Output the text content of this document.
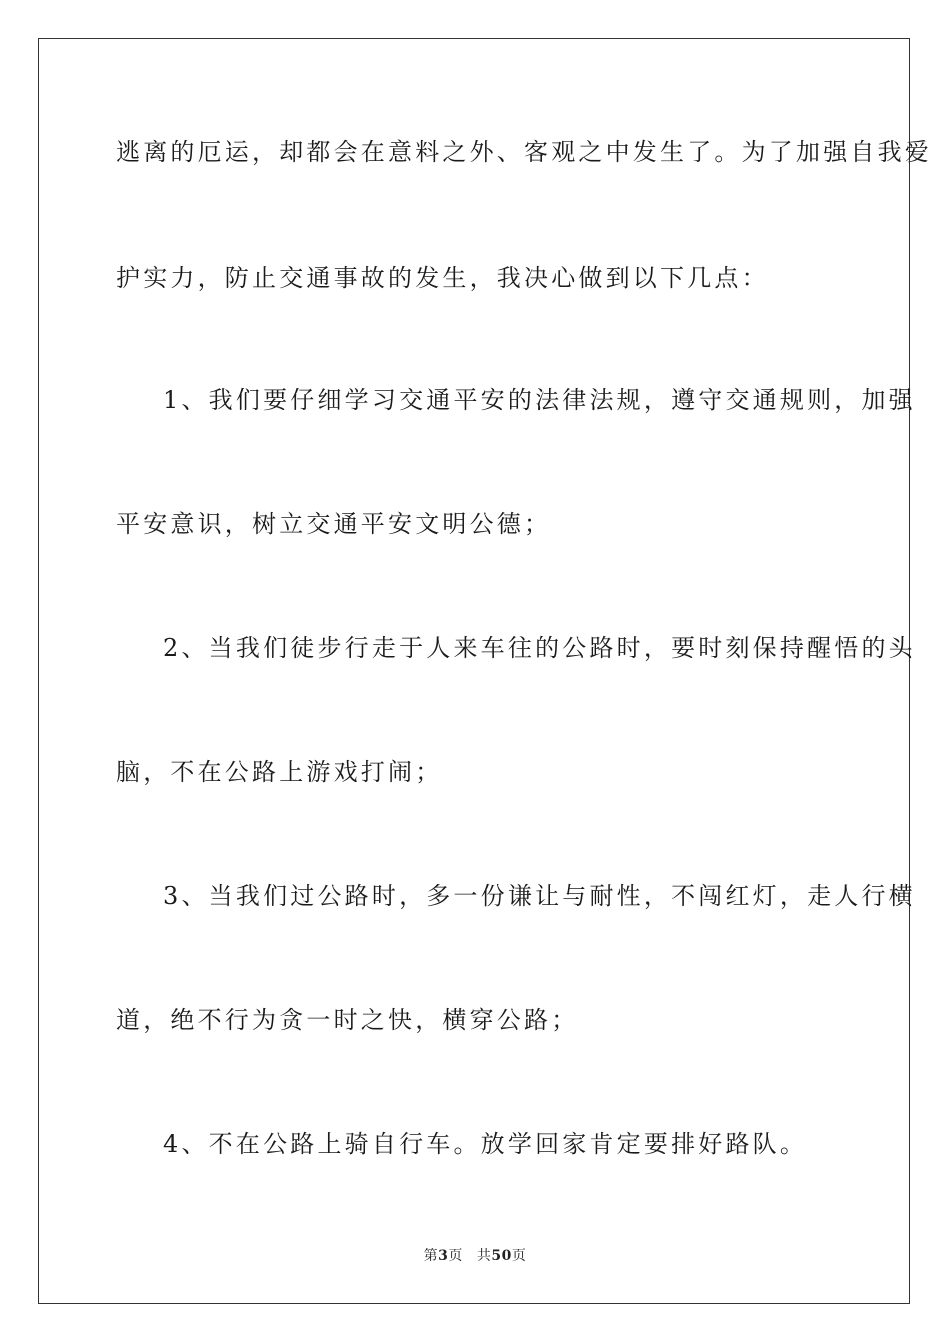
逃离的厄运，却都会在意料之外、客观之中发生了。为了加强自我爱
护实力，防止交通事故的发生，我决心做到以下几点：
1、我们要仔细学习交通平安的法律法规，遵守交通规则，加强
平安意识，树立交通平安文明公德；
2、当我们徒步行走于人来车往的公路时，要时刻保持醒悟的头
脑，不在公路上游戏打闹；
3、当我们过公路时，多一份谦让与耐性，不闯红灯，走人行横
道，绝不行为贪一时之快，横穿公路；
4、不在公路上骑自行车。放学回家肯定要排好路队。
第3页 共50页
